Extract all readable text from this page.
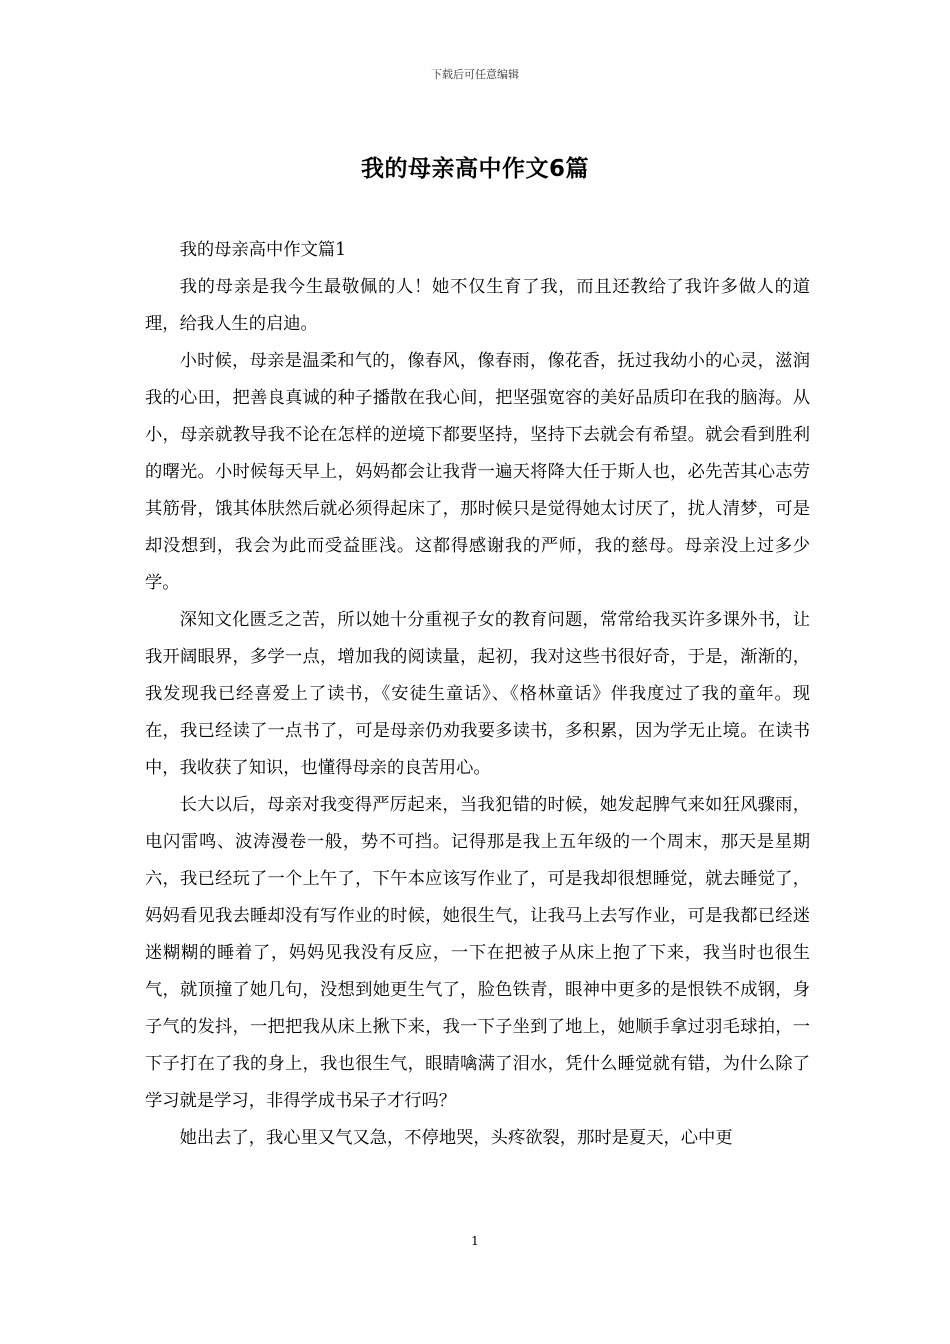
下载后可任意编辑
我的母亲高中作文6篇

我的母亲高中作文篇1

我的母亲是我今生最敬佩的人！她不仅生育了我，而且还教给了我许多做人的道理，给我人生的启迪。

小时候，母亲是温柔和气的，像春风，像春雨，像花香，抚过我幼小的心灵，滋润我的心田，把善良真诚的种子播散在我心间，把坚强宽容的美好品质印在我的脑海。从小，母亲就教导我不论在怎样的逆境下都要坚持，坚持下去就会有希望。就会看到胜利的曙光。小时候每天早上，妈妈都会让我背一遍天将降大任于斯人也，必先苦其心志劳其筋骨，饿其体肤然后就必须得起床了，那时候只是觉得她太讨厌了，扰人清梦，可是却没想到，我会为此而受益匪浅。这都得感谢我的严师，我的慈母。母亲没上过多少学。

深知文化匮乏之苦，所以她十分重视子女的教育问题，常常给我买许多课外书，让我开阔眼界，多学一点，增加我的阅读量，起初，我对这些书很好奇，于是，渐渐的，我发现我已经喜爱上了读书，《安徒生童话》、《格林童话》伴我度过了我的童年。现在，我已经读了一点书了，可是母亲仍劝我要多读书，多积累，因为学无止境。在读书中，我收获了知识，也懂得母亲的良苦用心。

长大以后，母亲对我变得严厉起来，当我犯错的时候，她发起脾气来如狂风骤雨，电闪雷鸣、波涛漫卷一般，势不可挡。记得那是我上五年级的一个周末，那天是星期六，我已经玩了一个上午了，下午本应该写作业了，可是我却很想睡觉，就去睡觉了，妈妈看见我去睡却没有写作业的时候，她很生气，让我马上去写作业，可是我都已经迷迷糊糊的睡着了，妈妈见我没有反应，一下在把被子从床上抱了下来，我当时也很生气，就顶撞了她几句，没想到她更生气了，脸色铁青，眼神中更多的是恨铁不成钢，身子气的发抖，一把把我从床上揪下来，我一下子坐到了地上，她顺手拿过羽毛球拍，一下子打在了我的身上，我也很生气，眼睛噙满了泪水，凭什么睡觉就有错，为什么除了学习就是学习，非得学成书呆子才行吗？

她出去了，我心里又气又急，不停地哭，头疼欲裂，那时是夏天，心中更

1
